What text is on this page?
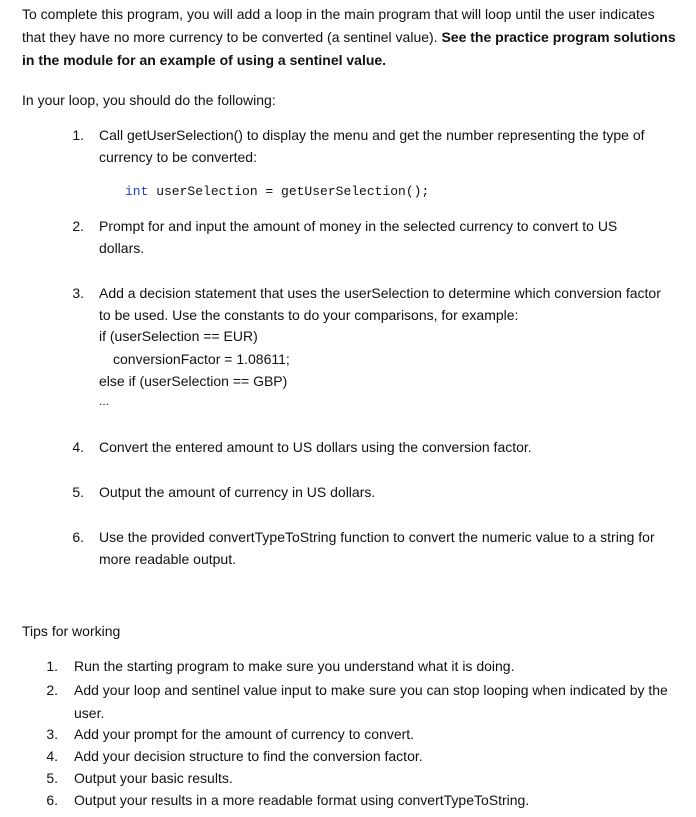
To complete this program, you will add a loop in the main program that will loop until the user indicates
that they have no more currency to be converted (a sentinel value). See the practice program solutions
in the module for an example of using a sentinel value.
In your loop, you should do the following:
1. Call getUserSelection() to display the menu and get the number representing the type of
currency to be converted:
int userSelection = getUserSelection();
2. Prompt for and input the amount of money in the selected currency to convert to US
dollars.
3. Add a decision statement that uses the userSelection to determine which conversion factor
to be used. Use the constants to do your comparisons, for example:
if (userSelection == EUR)
conversionFactor = 1.08611;
else if (userSelection == GBP)
...
4. Convert the entered amount to US dollars using the conversion factor.
5. Output the amount of currency in US dollars.
6. Use the provided convertTypeToString function to convert the numeric value to a string for
more readable output.
Tips for working
1. Run the starting program to make sure you understand what it is doing.
2. Add your loop and sentinel value input to make sure you can stop looping when indicated by the
user.
3. Add your prompt for the amount of currency to convert.
4. Add your decision structure to find the conversion factor.
5. Output your basic results.
6. Output your results in a more readable format using convertTypeToString.
